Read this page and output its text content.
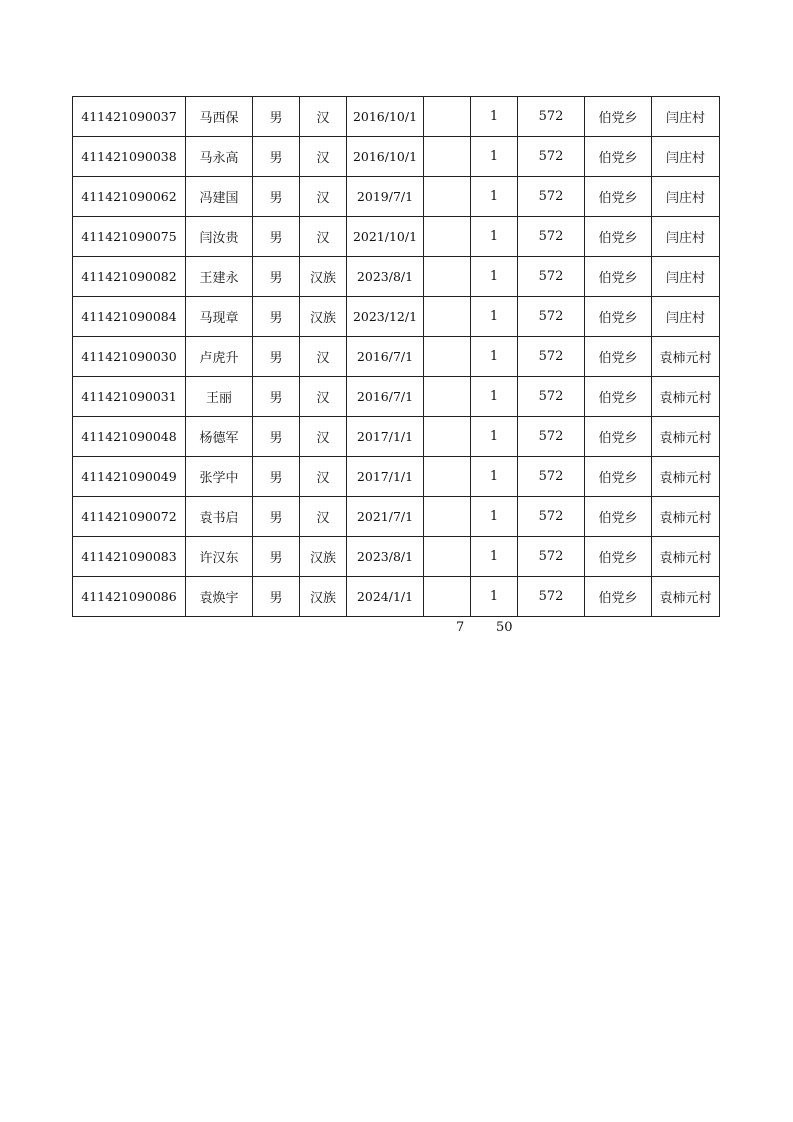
411421090037	马西保	男	汉	2016/10/1		1	572	伯党乡	闫庄村
411421090038	马永高	男	汉	2016/10/1		1	572	伯党乡	闫庄村
411421090062	冯建国	男	汉	2019/7/1		1	572	伯党乡	闫庄村
411421090075	闫汝贵	男	汉	2021/10/1		1	572	伯党乡	闫庄村
411421090082	王建永	男	汉族	2023/8/1		1	572	伯党乡	闫庄村
411421090084	马现章	男	汉族	2023/12/1		1	572	伯党乡	闫庄村
411421090030	卢虎升	男	汉	2016/7/1		1	572	伯党乡	袁柿元村
411421090031	王丽	男	汉	2016/7/1		1	572	伯党乡	袁柿元村
411421090048	杨德军	男	汉	2017/1/1		1	572	伯党乡	袁柿元村
411421090049	张学中	男	汉	2017/1/1		1	572	伯党乡	袁柿元村
411421090072	袁书启	男	汉	2021/7/1		1	572	伯党乡	袁柿元村
411421090083	许汉东	男	汉族	2023/8/1		1	572	伯党乡	袁柿元村
411421090086	袁焕宇	男	汉族	2024/1/1		1	572	伯党乡	袁柿元村
7 50
